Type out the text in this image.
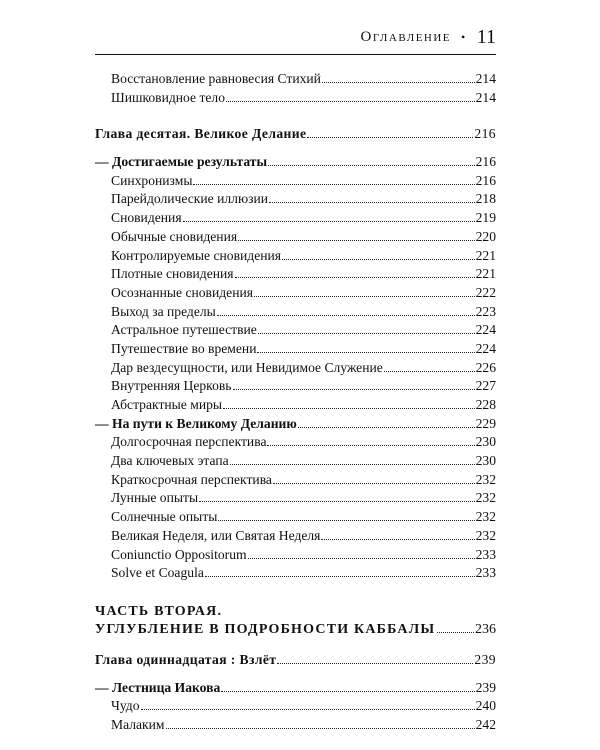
Оглавление • 11
Восстановление равновесия Стихий	214
Шишковидное тело	214
Глава десятая. Великое Делание	216
— Достигаемые результаты	216
Синхронизмы	216
Парейдолические иллюзии	218
Сновидения	219
Обычные сновидения	220
Контролируемые сновидения	221
Плотные сновидения	221
Осознанные сновидения	222
Выход за пределы	223
Астральное путешествие	224
Путешествие во времени	224
Дар вездесущности, или Невидимое Служение	226
Внутренняя Церковь	227
Абстрактные миры	228
— На пути к Великому Деланию	229
Долгосрочная перспектива	230
Два ключевых этапа	230
Краткосрочная перспектива	232
Лунные опыты	232
Солнечные опыты	232
Великая Неделя, или Святая Неделя	232
Coniunctio Oppositorum	233
Solve et Coagula	233
ЧАСТЬ ВТОРАЯ.
УГЛУБЛЕНИЕ В ПОДРОБНОСТИ КАББАЛЫ	236
Глава одиннадцатая : Взлёт	239
— Лестница Иакова	239
Чудо	240
Малаким	242
